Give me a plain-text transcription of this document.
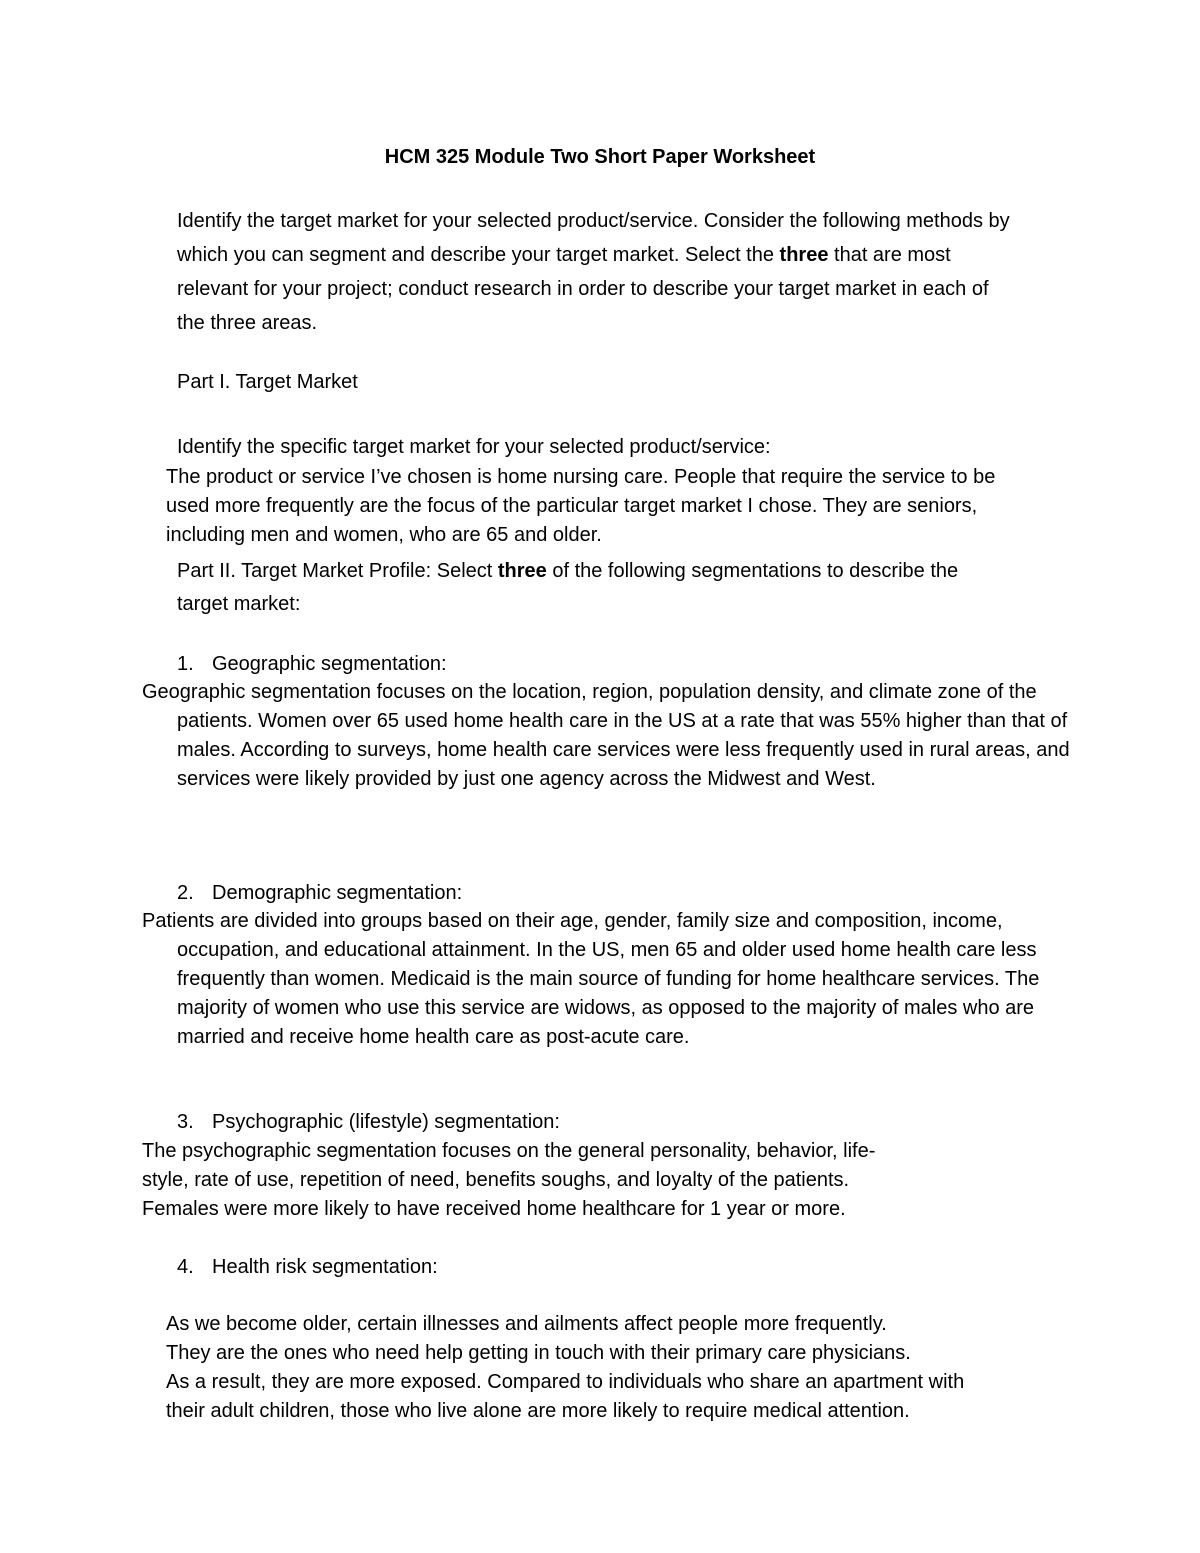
HCM 325 Module Two Short Paper Worksheet
Identify the target market for your selected product/service. Consider the following methods by which you can segment and describe your target market. Select the three that are most relevant for your project; conduct research in order to describe your target market in each of the three areas.
Part I. Target Market
Identify the specific target market for your selected product/service:
The product or service I’ve chosen is home nursing care. People that require the service to be used more frequently are the focus of the particular target market I chose. They are seniors, including men and women, who are 65 and older.
Part II. Target Market Profile: Select three of the following segmentations to describe the target market:
1. Geographic segmentation:
Geographic segmentation focuses on the location, region, population density, and climate zone of the patients. Women over 65 used home health care in the US at a rate that was 55% higher than that of males. According to surveys, home health care services were less frequently used in rural areas, and services were likely provided by just one agency across the Midwest and West.
2. Demographic segmentation:
Patients are divided into groups based on their age, gender, family size and composition, income, occupation, and educational attainment. In the US, men 65 and older used home health care less frequently than women. Medicaid is the main source of funding for home healthcare services. The majority of women who use this service are widows, as opposed to the majority of males who are married and receive home health care as post-acute care.
3. Psychographic (lifestyle) segmentation:
The psychographic segmentation focuses on the general personality, behavior, life-
style, rate of use, repetition of need, benefits soughs, and loyalty of the patients.
Females were more likely to have received home healthcare for 1 year or more.
4. Health risk segmentation:
As we become older, certain illnesses and ailments affect people more frequently.
They are the ones who need help getting in touch with their primary care physicians.
As a result, they are more exposed. Compared to individuals who share an apartment with
their adult children, those who live alone are more likely to require medical attention.
